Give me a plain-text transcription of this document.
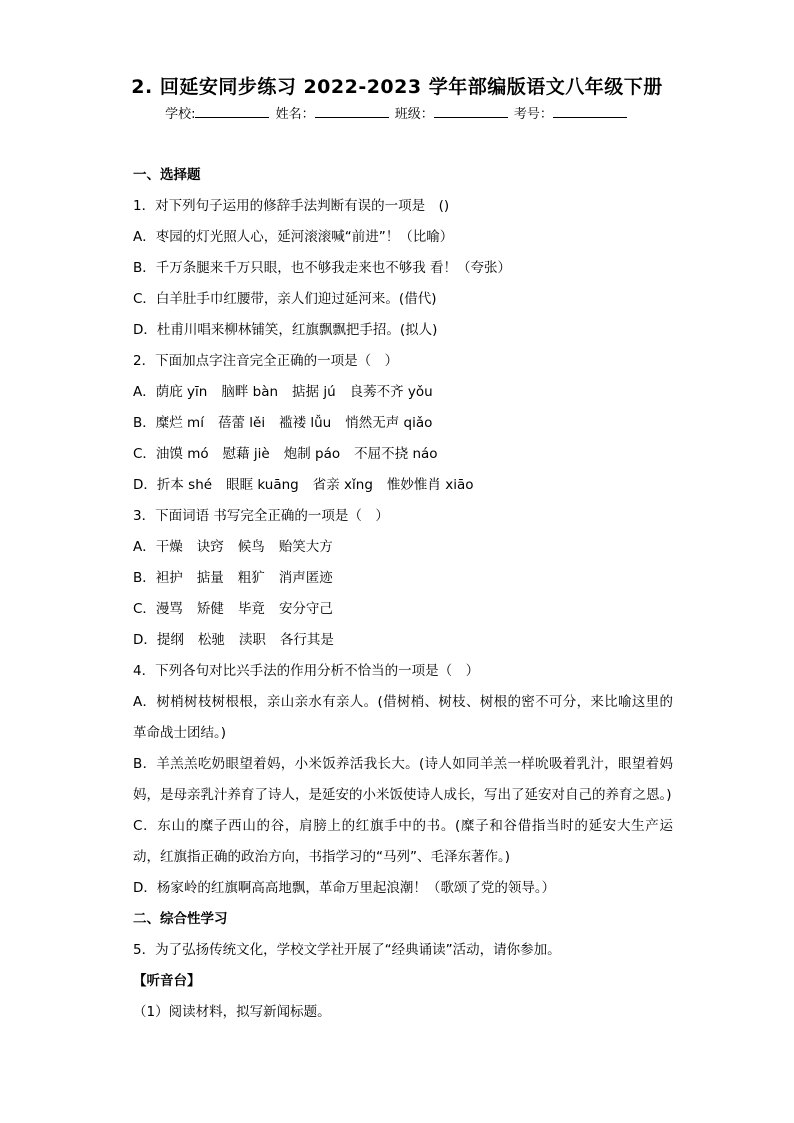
2. 回延安同步练习 2022-2023 学年部编版语文八年级下册
学校:	姓名：	班级：	考号：
一、选择题
1．对下列句子运用的修辞手法判断有误的一项是　()
A．枣园的灯光照人心，延河滚滚喊“前进”！（比喻）
B．千万条腿来千万只眼，也不够我走来也不够我 看！（夸张）
C．白羊肚手巾红腰带，亲人们迎过延河来。(借代)
D．杜甫川唱来柳林铺笑，红旗飘飘把手招。(拟人)
2．下面加点字注音完全正确的一项是（　）
A．荫庇 yīn 脑畔 bàn 掂据 jú 良莠不齐 yǒu
B．糜烂 mí 蓓蕾 lěi 褴褛 lǚu 悄然无声 qiǎo
C．油馍 mó 慰藉 jiè 炮制 páo 不屈不挠 náo
D．折本 shé 眼眶 kuāng 省亲 xǐng 惟妙惟肖 xiāo
3．下面词语 书写完全正确的一项是（　）
A．干燥 诀窍 候鸟 贻笑大方
B．袒护 掂量 粗犷 消声匿迹
C．漫骂 矫健 毕竟 安分守己
D．提纲 松驰 渎职 各行其是
4．下列各句对比兴手法的作用分析不恰当的一项是（　）
A．树梢树枝树根根，亲山亲水有亲人。(借树梢、树枝、树根的密不可分，来比喻这里的革命战士团结。)
B．羊羔羔吃奶眼望着妈，小米饭养活我长大。(诗人如同羊羔一样吮吸着乳汁，眼望着妈妈，是母亲乳汁养育了诗人，是延安的小米饭使诗人成长，写出了延安对自己的养育之恩。)
C．东山的糜子西山的谷，肩膀上的红旗手中的书。(糜子和谷借指当时的延安大生产运动，红旗指正确的政治方向，书指学习的“马列”、毛泽东著作。)
D．杨家岭的红旗啊高高地飘，革命万里起浪潮！（歌颂了党的领导。）
二、综合性学习
5．为了弘扬传统文化，学校文学社开展了“经典诵读”活动，请你参加。
【听音台】
（1）阅读材料，拟写新闻标题。
